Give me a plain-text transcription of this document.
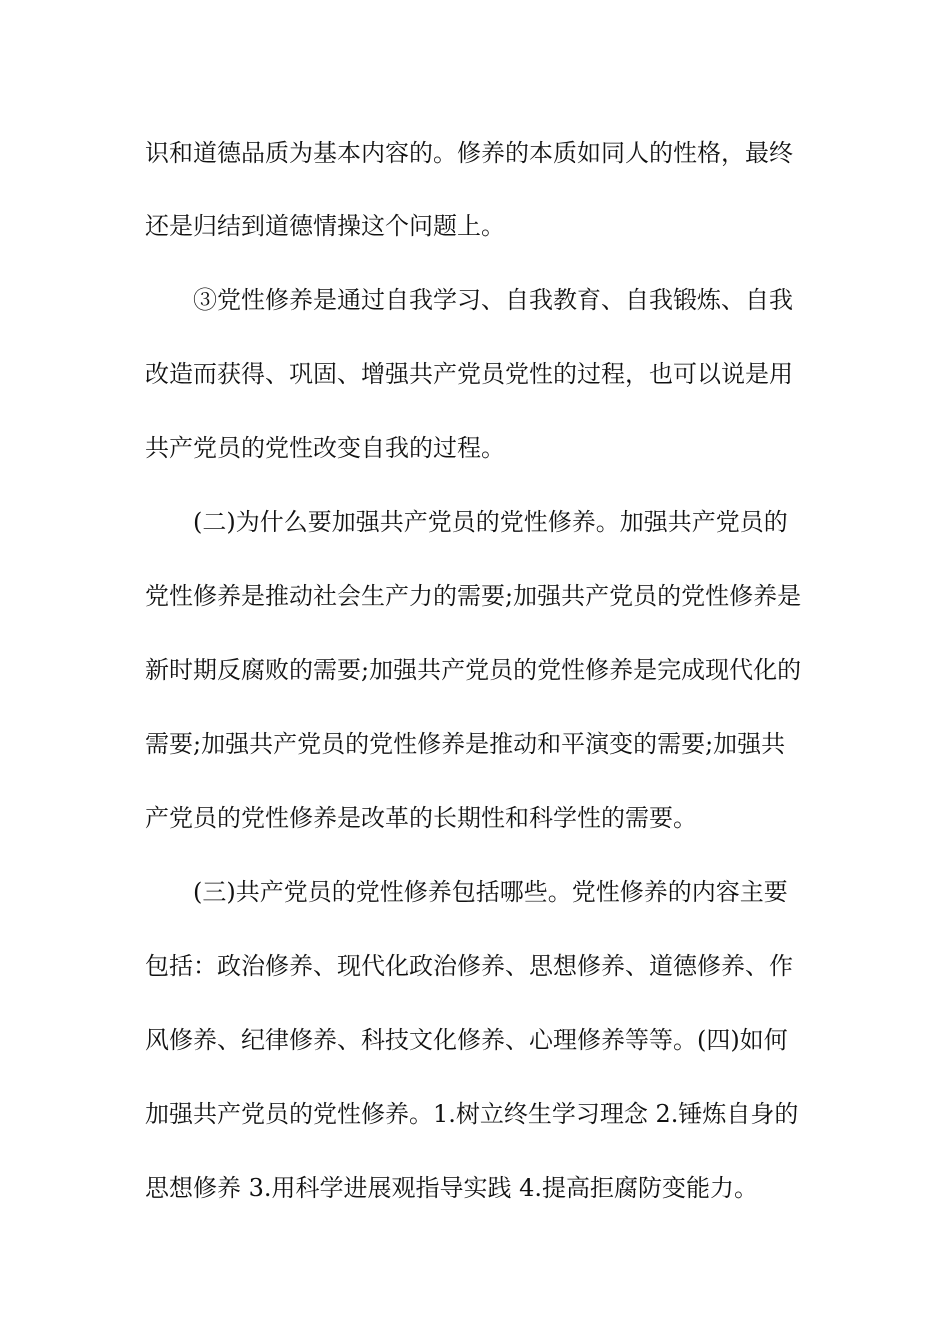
识和道德品质为基本内容的。修养的本质如同人的性格，最终
还是归结到道德情操这个问题上。
③党性修养是通过自我学习、自我教育、自我锻炼、自我
改造而获得、巩固、增强共产党员党性的过程，也可以说是用
共产党员的党性改变自我的过程。
(二)为什么要加强共产党员的党性修养。加强共产党员的
党性修养是推动社会生产力的需要;加强共产党员的党性修养是
新时期反腐败的需要;加强共产党员的党性修养是完成现代化的
需要;加强共产党员的党性修养是推动和平演变的需要;加强共
产党员的党性修养是改革的长期性和科学性的需要。
(三)共产党员的党性修养包括哪些。党性修养的内容主要
包括：政治修养、现代化政治修养、思想修养、道德修养、作
风修养、纪律修养、科技文化修养、心理修养等等。(四)如何
加强共产党员的党性修养。1.树立终生学习理念 2.锤炼自身的
思想修养 3.用科学进展观指导实践 4.提高拒腐防变能力。
